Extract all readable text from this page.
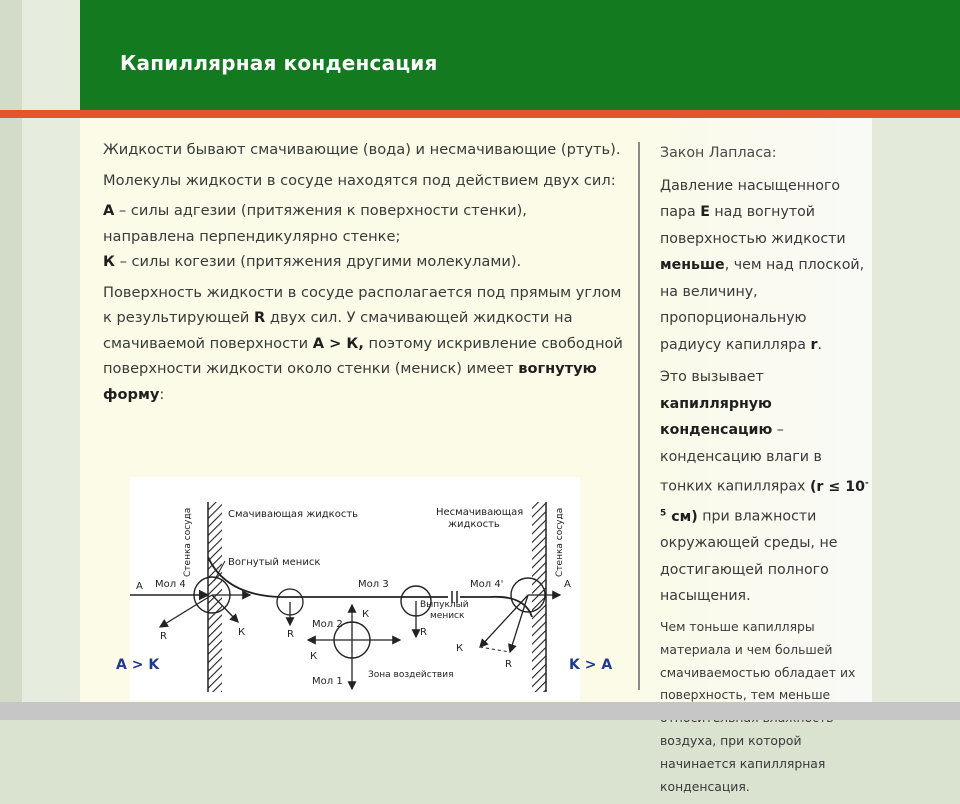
Капиллярная конденсация

Жидкости бывают смачивающие (вода) и несмачивающие (ртуть).

Молекулы жидкости в сосуде находятся под действием двух сил:

А – силы адгезии (притяжения к поверхности стенки), направлена перпендикулярно стенке;

К – силы когезии (притяжения другими молекулами).

Поверхность жидкости в сосуде располагается под прямым углом к результирующей R двух сил. У смачивающей жидкости на смачиваемой поверхности А > К, поэтому искривление свободной поверхности жидкости около стенки (мениск) имеет вогнутую форму:

Закон Лапласа:

Давление насыщенного пара Е над вогнутой поверхностью жидкости меньше, чем над плоской, на величину, пропорциональную радиусу капилляра r.

Это вызывает капиллярную конденсацию – конденсацию влаги в тонких капиллярах ($r \le 10^{-5}$ см) при влажности окружающей среды, не достигающей полного насыщения.

Чем тоньше капилляры материала и чем большей смачиваемостью обладает их поверхность, тем меньше воздуха, при которой начинается капиллярная конденсация.

Стенка сосуда	Стенка сосуда
Смачивающая жидкость	Несмачивающая
жидкость
Вогнутый мениск
Мол 4
Мол 2
Мол 3	Мол 4'
Мол 1
А
R	К	R
К
К
R
Выпуклый
мениск
К
R
А
Зона воздействия
A > K	K > A
